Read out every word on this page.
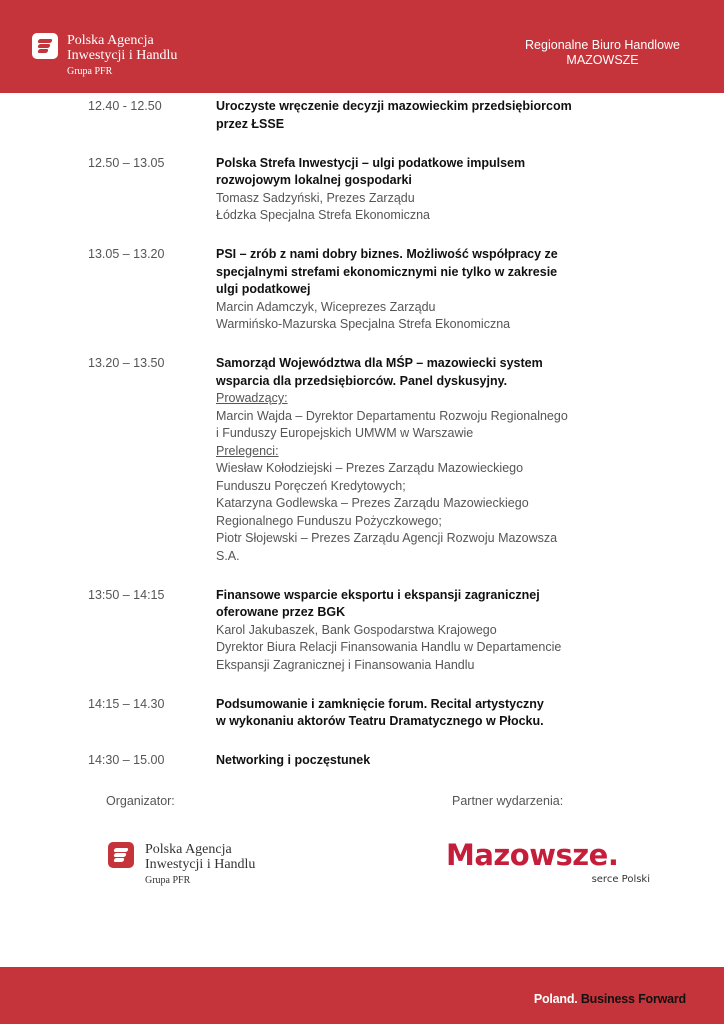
Polska Agencja
Inwestycji i Handlu
Grupa PFR
Regionalne Biuro Handlowe
MAZOWSZE
12.40 - 12.50	Uroczyste wręczenie decyzji mazowieckim przedsiębiorcom
przez ŁSSE
12.50 – 13.05	Polska Strefa Inwestycji – ulgi podatkowe impulsem
rozwojowym lokalnej gospodarki
Tomasz Sadzyński, Prezes Zarządu
Łódzka Specjalna Strefa Ekonomiczna
13.05 – 13.20	PSI – zrób z nami dobry biznes. Możliwość współpracy ze
specjalnymi strefami ekonomicznymi nie tylko w zakresie
ulgi podatkowej
Marcin Adamczyk, Wiceprezes Zarządu
Warmińsko-Mazurska Specjalna Strefa Ekonomiczna
13.20 – 13.50	Samorząd Województwa dla MŚP – mazowiecki system
wsparcia dla przedsiębiorców. Panel dyskusyjny.
Prowadzący:
Marcin Wajda – Dyrektor Departamentu Rozwoju Regionalnego
i Funduszy Europejskich UMWM w Warszawie
Prelegenci:
Wiesław Kołodziejski – Prezes Zarządu Mazowieckiego
Funduszu Poręczeń Kredytowych;
Katarzyna Godlewska – Prezes Zarządu Mazowieckiego
Regionalnego Funduszu Pożyczkowego;
Piotr Słojewski – Prezes Zarządu Agencji Rozwoju Mazowsza
S.A.
13:50 – 14:15	Finansowe wsparcie eksportu i ekspansji zagranicznej
oferowane przez BGK
Karol Jakubaszek, Bank Gospodarstwa Krajowego
Dyrektor Biura Relacji Finansowania Handlu w Departamencie
Ekspansji Zagranicznej i Finansowania Handlu
14:15 – 14.30	Podsumowanie i zamknięcie forum. Recital artystyczny
w wykonaniu aktorów Teatru Dramatycznego w Płocku.
14:30 – 15.00	Networking i poczęstunek
Organizator:	Partner wydarzenia:
Polska Agencja
Inwestycji i Handlu
Grupa PFR
Mazowsze.
serce Polski
Poland. Business Forward
